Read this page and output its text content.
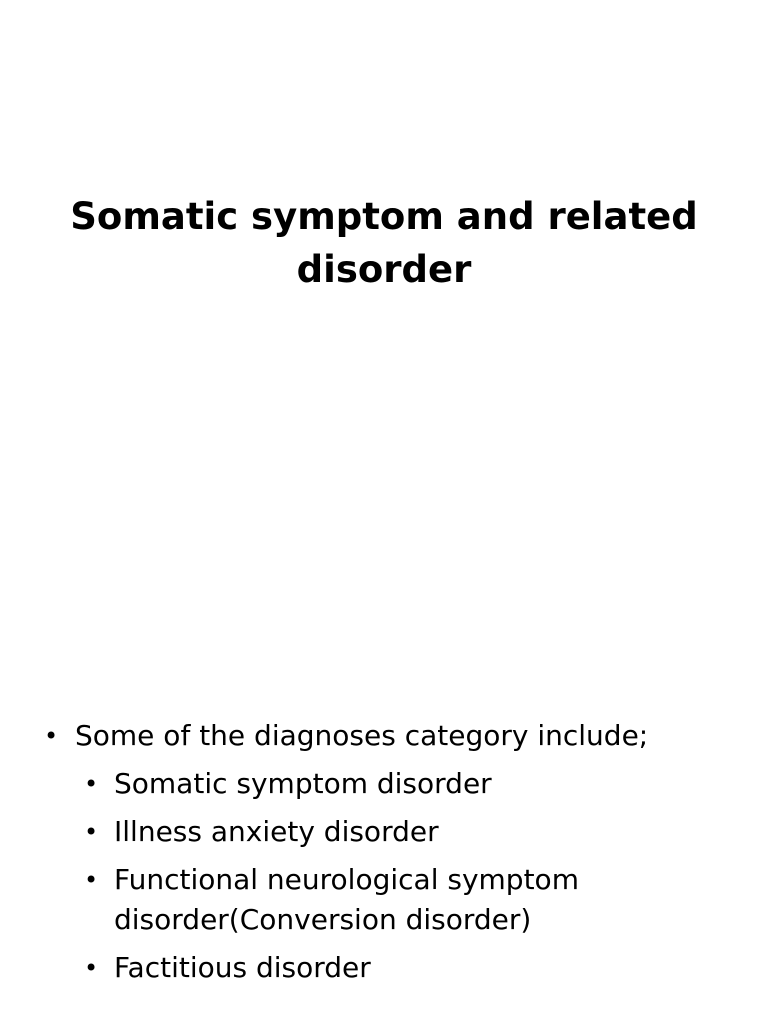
Somatic symptom and related disorder
• Some of the diagnoses category include;
• Somatic symptom disorder
• Illness anxiety disorder
• Functional neurological symptom disorder(Conversion disorder)
• Factitious disorder
